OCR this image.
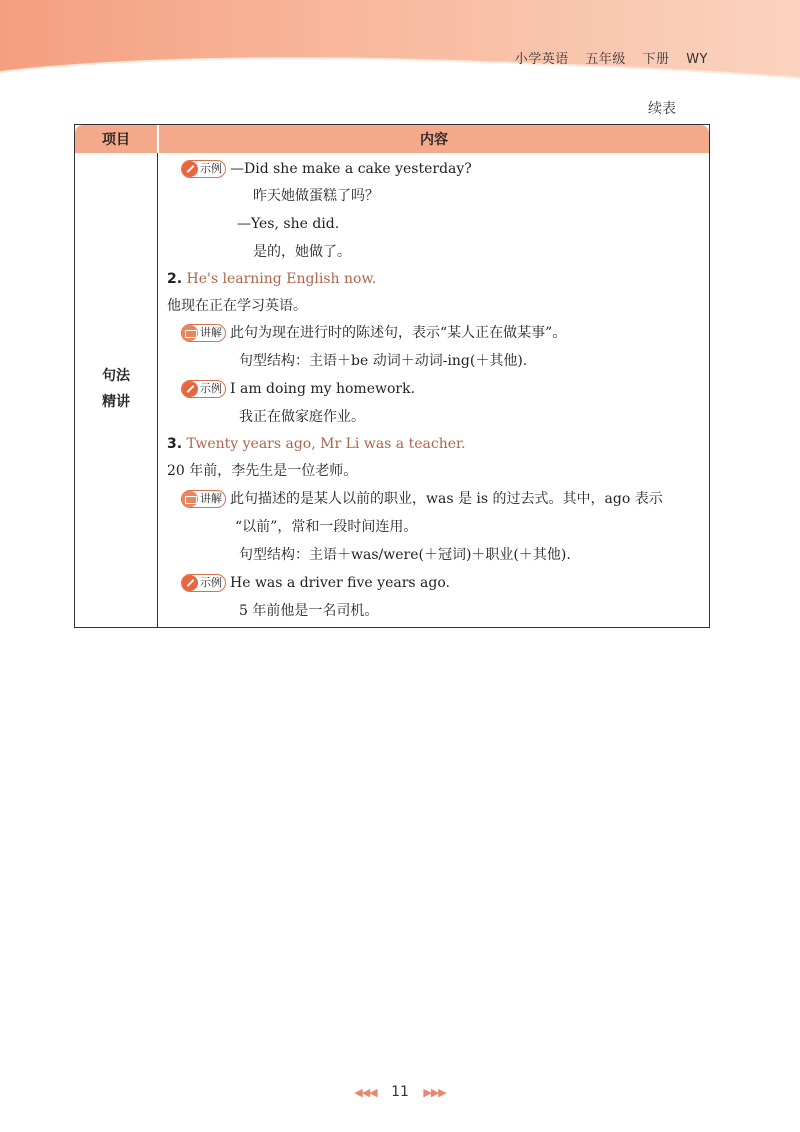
小学英语 五年级 下册 WY
续表
项目	内容
句法
精讲
示例 —Did she make a cake yesterday?
昨天她做蛋糕了吗？
—Yes, she did.
是的，她做了。
2. He's learning English now.
他现在正在学习英语。
讲解 此句为现在进行时的陈述句，表示“某人正在做某事”。
句型结构：主语＋be 动词＋动词-ing(＋其他).
示例 I am doing my homework.
我正在做家庭作业。
3. Twenty years ago, Mr Li was a teacher.
20 年前，李先生是一位老师。
讲解 此句描述的是某人以前的职业，was 是 is 的过去式。其中，ago 表示
“以前”，常和一段时间连用。
句型结构：主语＋was/were(＋冠词)＋职业(＋其他).
示例 He was a driver five years ago.
5 年前他是一名司机。
◀◀◀ 11 ▶▶▶
